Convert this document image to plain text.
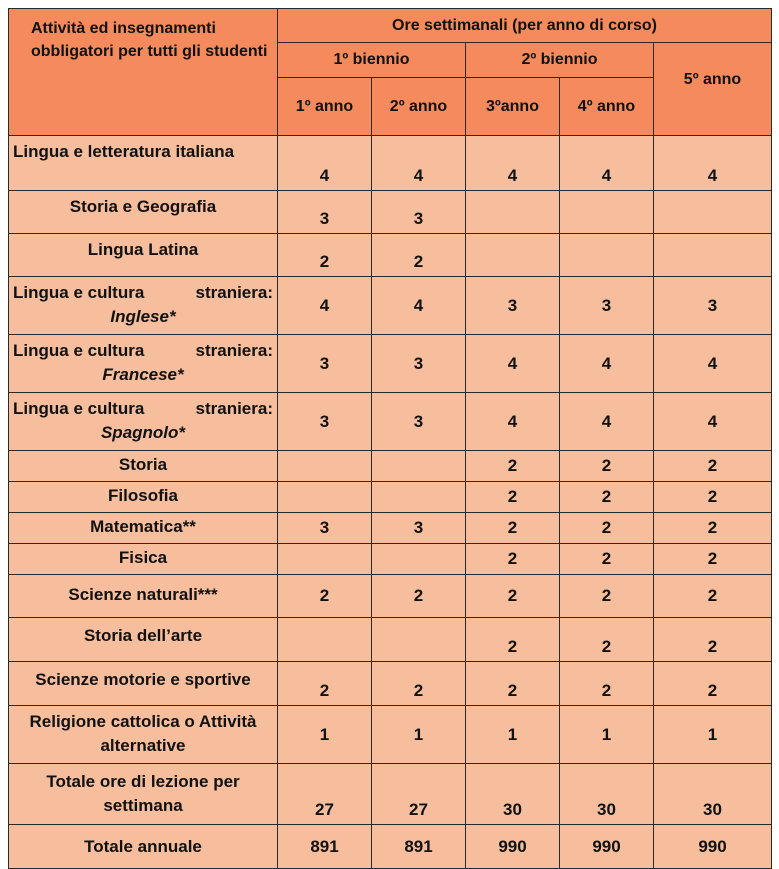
Attività ed insegnamenti obbligatori per tutti gli studenti	Ore settimanali (per anno di corso)				
	1º biennio		2º biennio		5º anno
	1º anno	2º anno	3ºanno	4º anno	
Lingua e letteratura italiana	4	4	4	4	4
Storia e Geografia	3	3			
Lingua Latina	2	2			

Lingua e cultura straniera:
Inglese*	4	4	3	3	3

Lingua e cultura straniera:
Francese*	3	3	4	4	4

Lingua e cultura straniera:
Spagnolo*	3	3	4	4	4
Storia			2	2	2
Filosofia			2	2	2
Matematica**	3	3	2	2	2
Fisica			2	2	2
Scienze naturali***	2	2	2	2	2
Storia dell’arte			2	2	2
Scienze motorie e sportive	2	2	2	2	2
Religione cattolica o Attività alternative	1	1	1	1	1
Totale ore di lezione per settimana	27	27	30	30	30
Totale annuale	891	891	990	990	990
